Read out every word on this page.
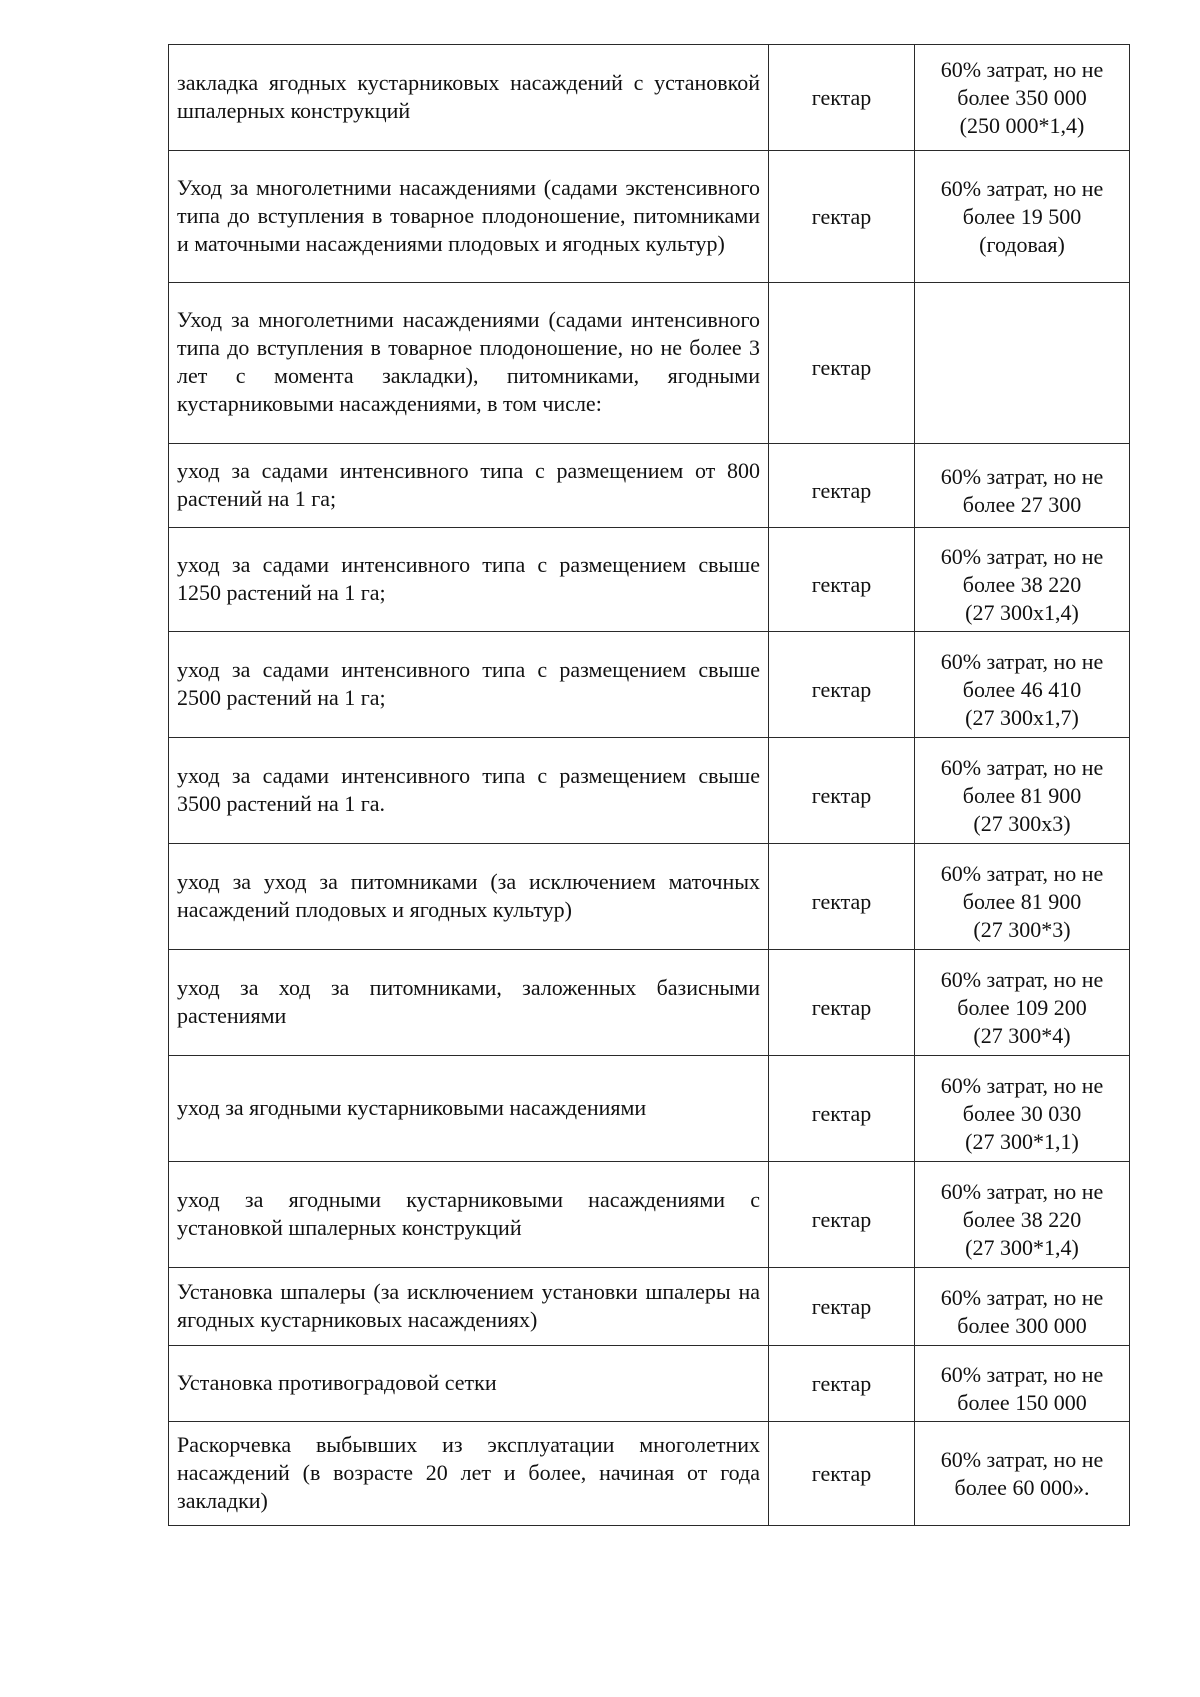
закладка ягодных кустарниковых насаждений с установкой шпалерных конструкций	гектар	60% затрат, но не
более 350 000
(250 000*1,4)

Уход за многолетними насаждениями (садами экстенсивного типа до вступления в товарное плодоношение, питомниками и маточными насаждениями плодовых и ягодных культур)	гектар	60% затрат, но не
более 19 500
(годовая)

Уход за многолетними насаждениями (садами интенсивного типа до вступления в товарное плодоношение, но не более 3 лет с момента закладки), питомниками, ягодными кустарниковыми насаждениями, в том числе:	гектар	

уход за садами интенсивного типа с размещением от 800 растений на 1 га;	гектар	60% затрат, но не
более 27 300

уход за садами интенсивного типа с размещением свыше 1250 растений на 1 га;	гектар	60% затрат, но не
более 38 220
(27 300x1,4)

уход за садами интенсивного типа с размещением свыше 2500 растений на 1 га;	гектар	60% затрат, но не
более 46 410
(27 300x1,7)

уход за садами интенсивного типа с размещением свыше 3500 растений на 1 га.	гектар	60% затрат, но не
более 81 900
(27 300x3)

уход за уход за питомниками (за исключением маточных насаждений плодовых и ягодных культур)	гектар	60% затрат, но не
более 81 900
(27 300*3)

уход за ход за питомниками, заложенных базисными растениями	гектар	60% затрат, но не
более 109 200
(27 300*4)

уход за ягодными кустарниковыми насаждениями	гектар	60% затрат, но не
более 30 030
(27 300*1,1)

уход за ягодными кустарниковыми насаждениями с установкой шпалерных конструкций	гектар	60% затрат, но не
более 38 220
(27 300*1,4)

Установка шпалеры (за исключением установки шпалеры на ягодных кустарниковых насаждениях)	гектар	60% затрат, но не
более 300 000

Установка противоградовой сетки	гектар	60% затрат, но не
более 150 000

Раскорчевка выбывших из эксплуатации многолетних насаждений (в возрасте 20 лет и более, начиная от года закладки)	гектар	60% затрат, но не
более 60 000».
